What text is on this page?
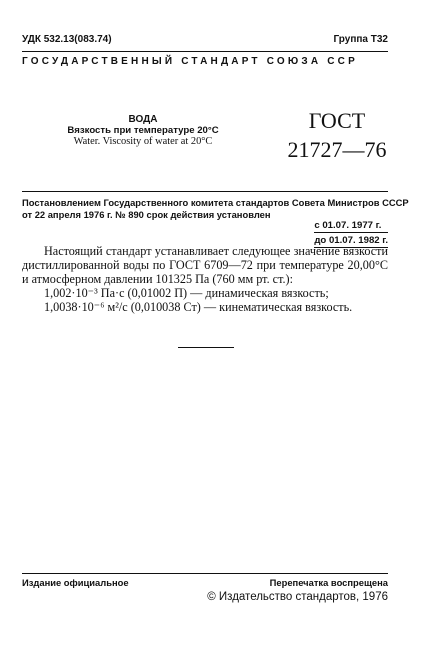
УДК 532.13(083.74)	Группа Т32
ГОСУДАРСТВЕННЫЙ СТАНДАРТ СОЮЗА ССР
ВОДА
Вязкость при температуре 20°С
Water. Viscosity of water at 20°C
ГОСТ
21727—76
Постановлением Государственного комитета стандартов Совета Министров СССР
от 22 апреля 1976 г. № 890 срок действия установлен
с 01.07. 1977 г.
до 01.07. 1982 г.

Настоящий стандарт устанавливает следующее значение вязкости дистиллированной воды по ГОСТ 6709—72 при температуре 20,00°С и атмосферном давлении 101325 Па (760 мм рт. ст.):

1,002·10⁻³ Па·с (0,01002 П) — динамическая вязкость;

1,0038·10⁻⁶ м²/с (0,010038 Ст) — кинематическая вязкость.

Издание официальное	Перепечатка воспрещена
© Издательство стандартов, 1976
